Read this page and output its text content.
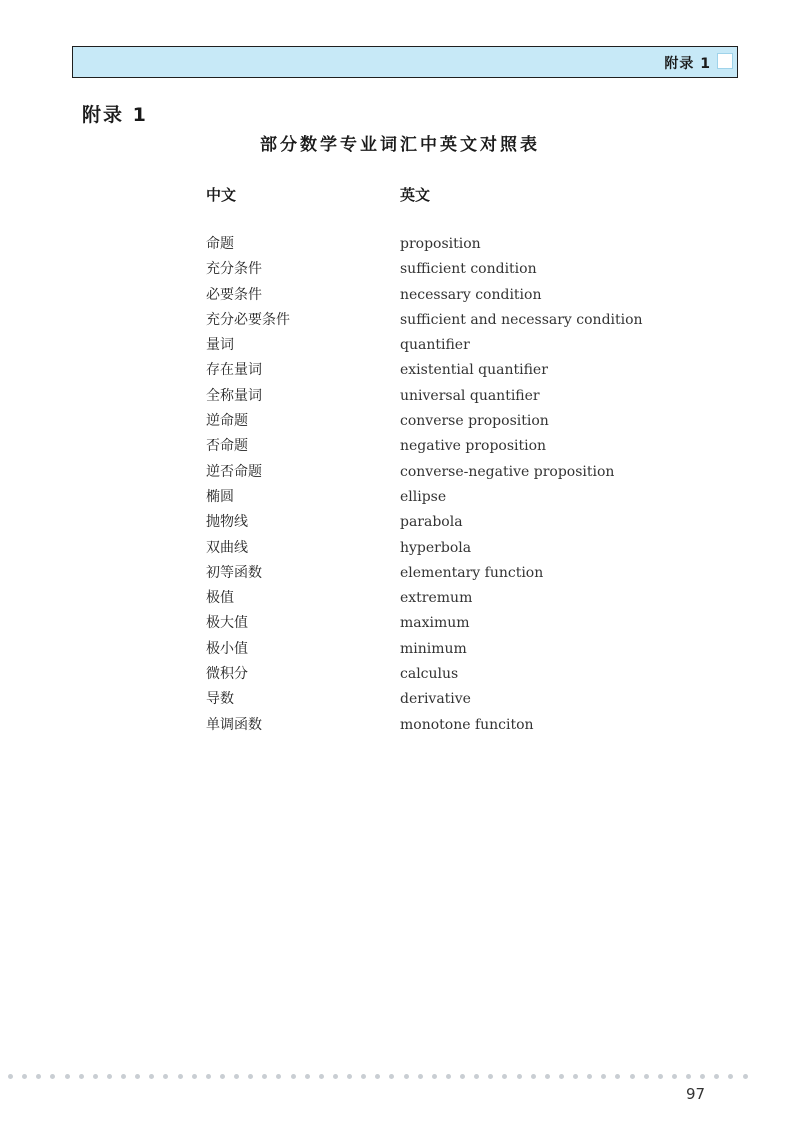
附录 1
附录 1
部分数学专业词汇中英文对照表
中文	英文
命题	proposition
充分条件	sufficient condition
必要条件	necessary condition
充分必要条件	sufficient and necessary condition
量词	quantifier
存在量词	existential quantifier
全称量词	universal quantifier
逆命题	converse proposition
否命题	negative proposition
逆否命题	converse-negative proposition
椭圆	ellipse
抛物线	parabola
双曲线	hyperbola
初等函数	elementary function
极值	extremum
极大值	maximum
极小值	minimum
微积分	calculus
导数	derivative
单调函数	monotone funciton
97
